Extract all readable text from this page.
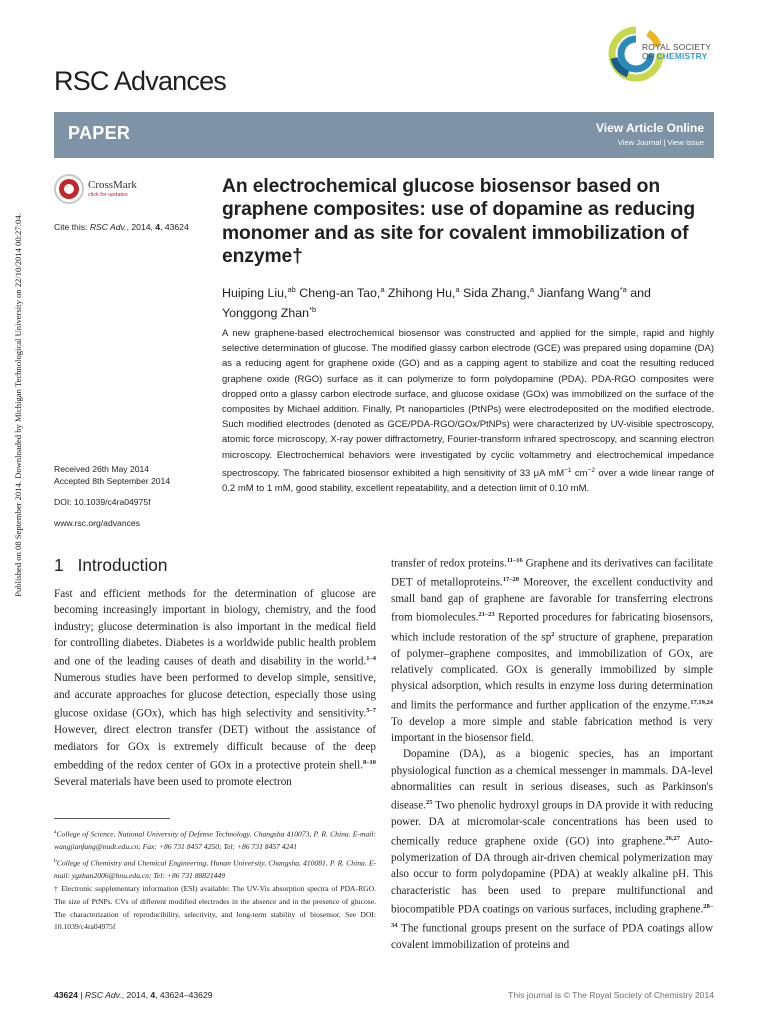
Published on 08 September 2014. Downloaded by Michigan Technological University on 22/10/2014 00:27:04.
RSC Advances
ROYAL SOCIETY
OF CHEMISTRY
PAPER	View Article Online
View Journal | View Issue
CrossMark
click for updates
Cite this: RSC Adv., 2014, 4, 43624
An electrochemical glucose biosensor based on graphene composites: use of dopamine as reducing monomer and as site for covalent immobilization of enzyme†
Huiping Liu,$^{ab}$ Cheng-an Tao,$^a$ Zhihong Hu,$^a$ Sida Zhang,$^a$ Jianfang Wang$^{*a}$ and Yonggong Zhan$^{*b}$
A new graphene-based electrochemical biosensor was constructed and applied for the simple, rapid and highly selective determination of glucose. The modified glassy carbon electrode (GCE) was prepared using dopamine (DA) as a reducing agent for graphene oxide (GO) and as a capping agent to stabilize and coat the resulting reduced graphene oxide (RGO) surface as it can polymerize to form polydopamine (PDA). PDA-RGO composites were dropped onto a glassy carbon electrode surface, and glucose oxidase (GOx) was immobilized on the surface of the composites by Michael addition. Finally, Pt nanoparticles (PtNPs) were electrodeposited on the modified electrode. Such modified electrodes (denoted as GCE/PDA-RGO/GOx/PtNPs) were characterized by UV-visible spectroscopy, atomic force microscopy, X-ray power diffractometry, Fourier-transform infrared spectroscopy, and scanning electron microscopy. Electrochemical behaviors were investigated by cyclic voltammetry and electrochemical impedance spectroscopy. The fabricated biosensor exhibited a high sensitivity of 33 μA $mM^{-1}$ $cm^{-2}$ over a wide linear range of 0.2 mM to 1 mM, good stability, excellent repeatability, and a detection limit of 0.10 mM.
Received 26th May 2014
Accepted 8th September 2014
DOI: 10.1039/c4ra04975f
www.rsc.org/advances
1 Introduction
Fast and efficient methods for the determination of glucose are becoming increasingly important in biology, chemistry, and the food industry; glucose determination is also important in the medical field for controlling diabetes. Diabetes is a worldwide public health problem and one of the leading causes of death and disability in the world.$^{1-4}$ Numerous studies have been performed to develop simple, sensitive, and accurate approaches for glucose detection, especially those using glucose oxidase (GOx), which has high selectivity and sensitivity.$^{5-7}$ However, direct electron transfer (DET) without the assistance of mediators for GOx is extremely difficult because of the deep embedding of the redox center of GOx in a protective protein shell.$^{8-10}$ Several materials have been used to promote electron
transfer of redox proteins.$^{11-16}$ Graphene and its derivatives can facilitate DET of metalloproteins.$^{17-20}$ Moreover, the excellent conductivity and small band gap of graphene are favorable for transferring electrons from biomolecules.$^{21-23}$ Reported procedures for fabricating biosensors, which include restoration of the $sp^2$ structure of graphene, preparation of polymer–graphene composites, and immobilization of GOx, are relatively complicated. GOx is generally immobilized by simple physical adsorption, which results in enzyme loss during determination and limits the performance and further application of the enzyme.$^{17,19,24}$ To develop a more simple and stable fabrication method is very important in the biosensor field.
Dopamine (DA), as a biogenic species, has an important physiological function as a chemical messenger in mammals. DA-level abnormalities can result in serious diseases, such as Parkinson's disease.$^{25}$ Two phenolic hydroxyl groups in DA provide it with reducing power. DA at micromolar-scale concentrations has been used to chemically reduce graphene oxide (GO) into graphene.$^{26,27}$ Auto-polymerization of DA through air-driven chemical polymerization may also occur to form polydopamine (PDA) at weakly alkaline pH. This characteristic has been used to prepare multifunctional and biocompatible PDA coatings on various surfaces, including graphene.$^{28-34}$ The functional groups present on the surface of PDA coatings allow covalent immobilization of proteins and

$^a$College of Science, National University of Defense Technology, Changsha 410073, P. R. China. E-mail: wangjianfang@nudt.edu.cn; Fax: +86 731 8457 4250; Tel: +86 731 8457 4241

$^b$College of Chemistry and Chemical Engineering, Hunan University, Changsha, 410081, P. R. China. E-mail: ygzhan2006@hnu.edu.cn; Tel: +86 731 88821449

† Electronic supplementary information (ESI) available: The UV-Vis absorption spectra of PDA-RGO. The size of PtNPs. CVs of different modified electrodes in the absence and in the presence of glucose. The characterization of reproducibility, selectivity, and long-term stability of biosensor. See DOI: 10.1039/c4ra04975f

43624 | RSC Adv., 2014, 4, 43624–43629	This journal is © The Royal Society of Chemistry 2014
